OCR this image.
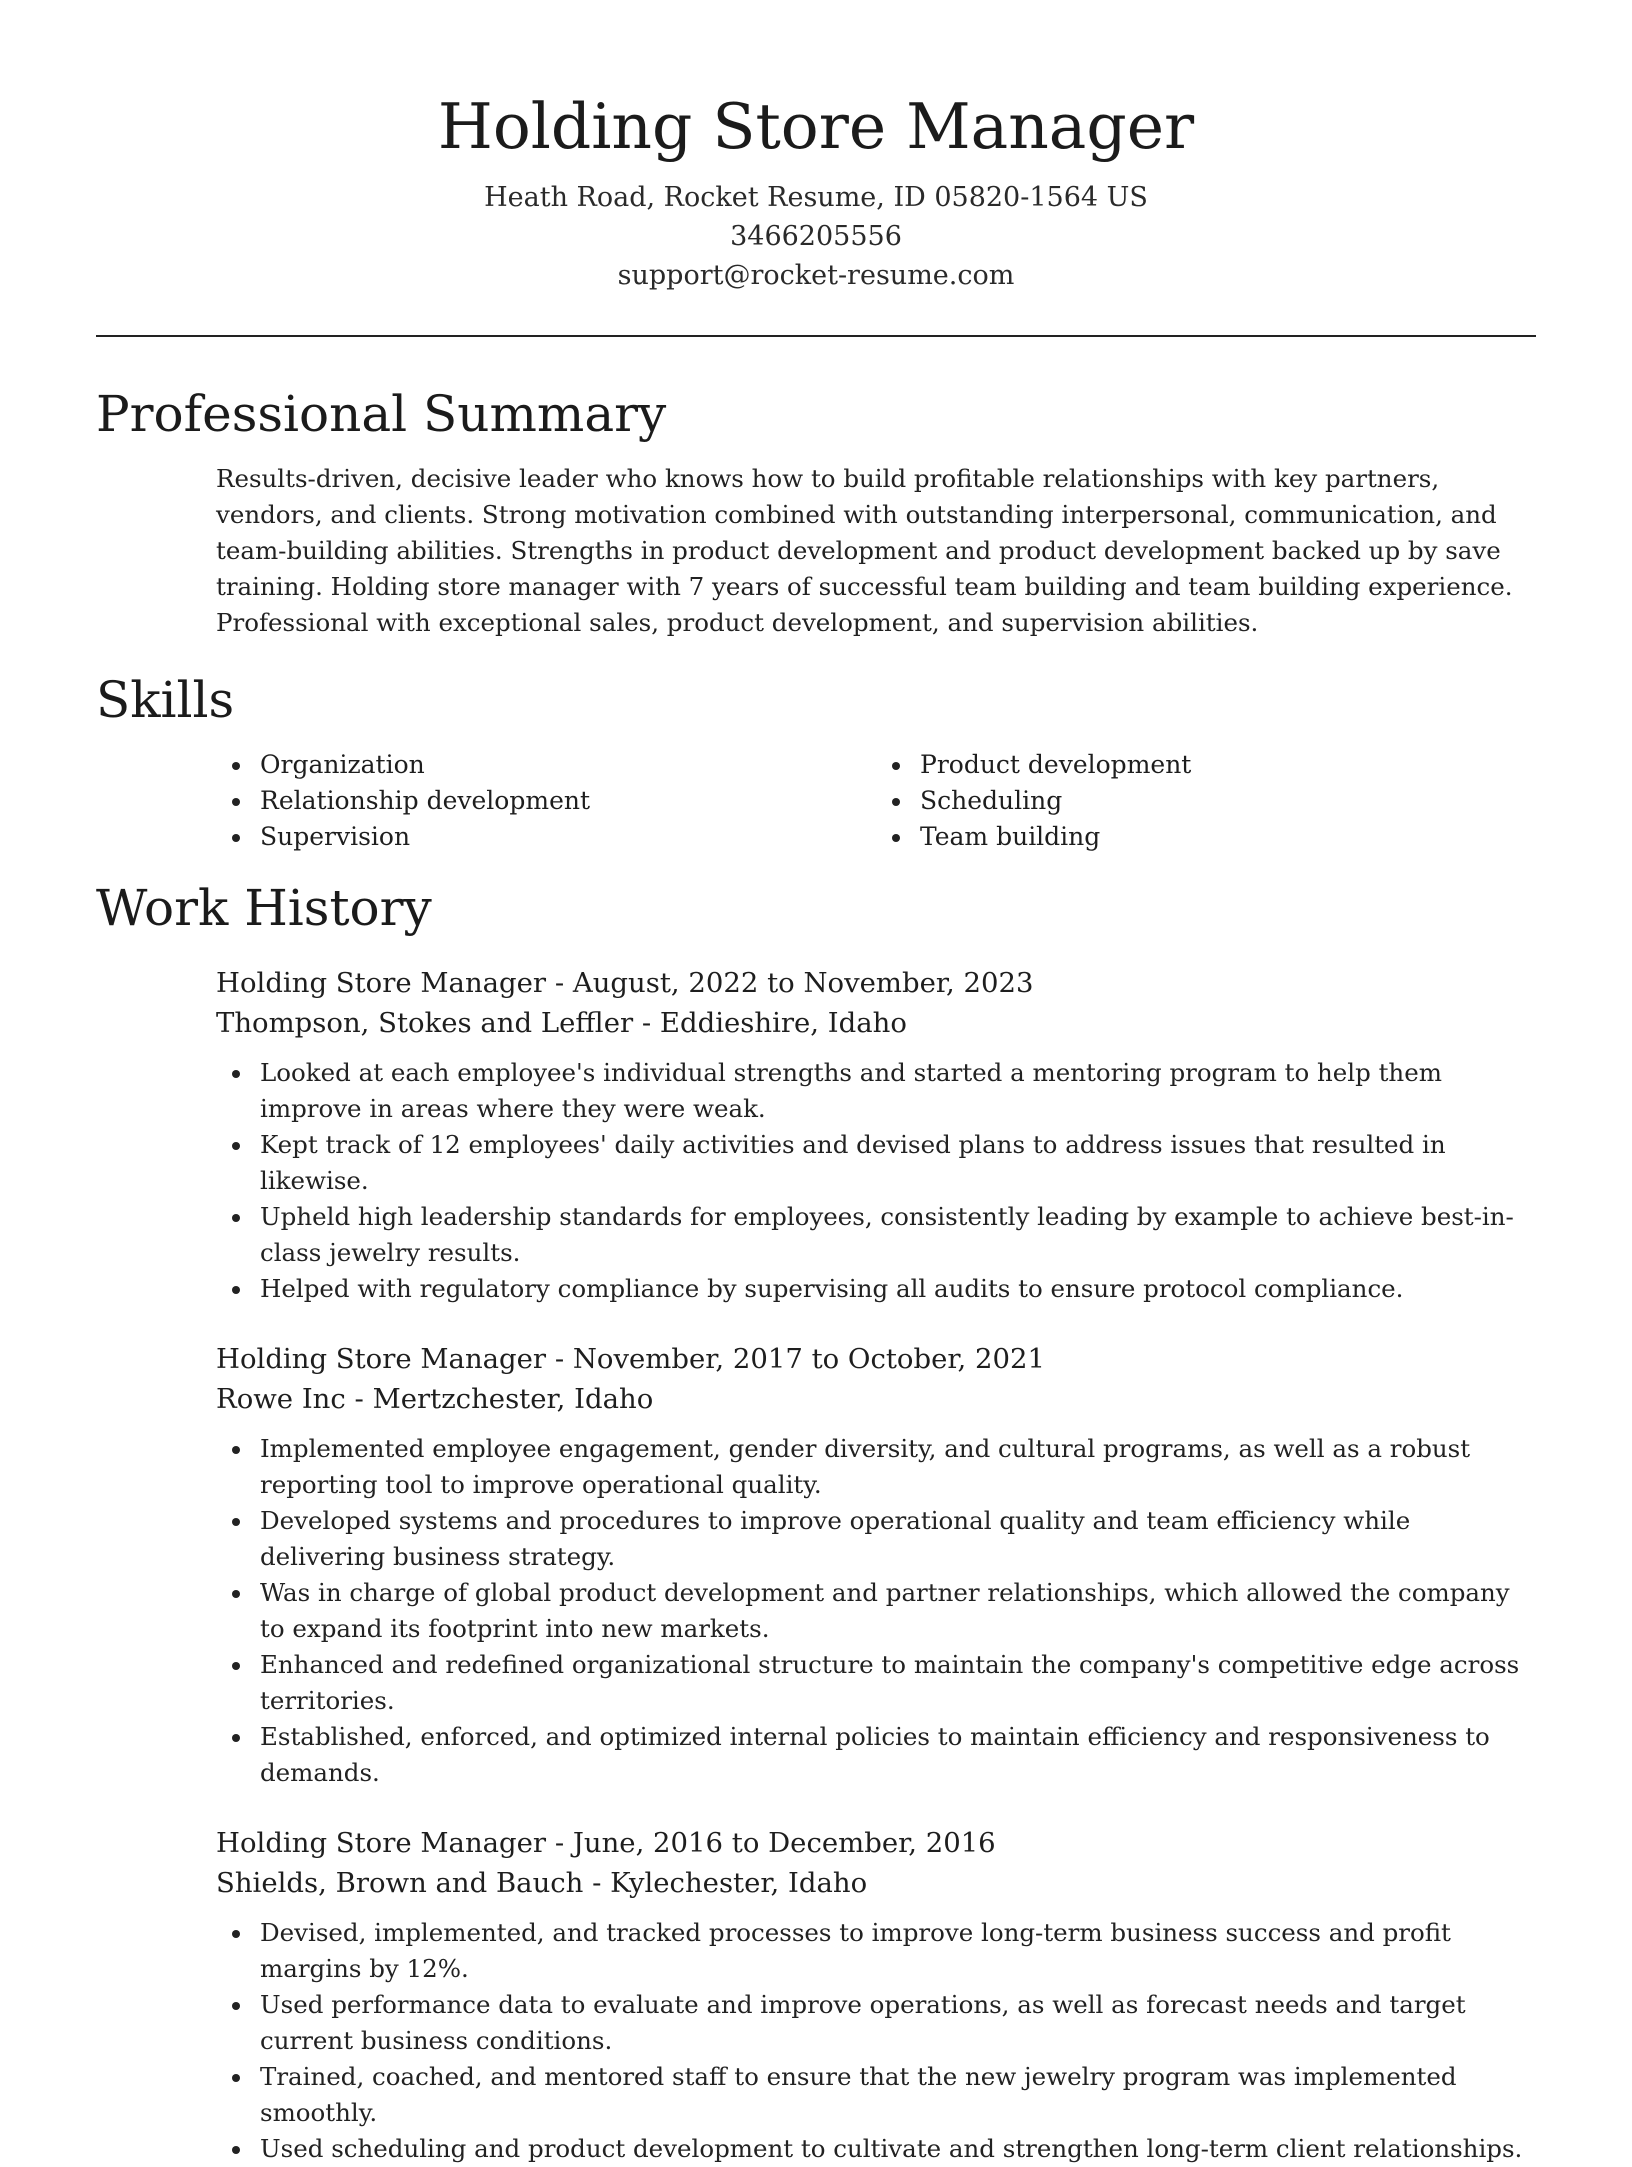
Holding Store Manager
Heath Road, Rocket Resume, ID 05820-1564 US
3466205556
support@rocket-resume.com
Professional Summary

Results-driven, decisive leader who knows how to build profitable relationships with key partners, vendors, and clients. Strong motivation combined with outstanding interpersonal, communication, and team-building abilities. Strengths in product development and product development backed up by save training. Holding store manager with 7 years of successful team building and team building experience. Professional with exceptional sales, product development, and supervision abilities.

Skills
Organization
Relationship development
Supervision
Product development
Scheduling
Team building
Work History
Holding Store Manager - August, 2022 to November, 2023
Thompson, Stokes and Leffler - Eddieshire, Idaho
Looked at each employee's individual strengths and started a mentoring program to help them improve in areas where they were weak.
Kept track of 12 employees' daily activities and devised plans to address issues that resulted in likewise.
Upheld high leadership standards for employees, consistently leading by example to achieve best-in-class jewelry results.
Helped with regulatory compliance by supervising all audits to ensure protocol compliance.
Holding Store Manager - November, 2017 to October, 2021
Rowe Inc - Mertzchester, Idaho
Implemented employee engagement, gender diversity, and cultural programs, as well as a robust reporting tool to improve operational quality.
Developed systems and procedures to improve operational quality and team efficiency while delivering business strategy.
Was in charge of global product development and partner relationships, which allowed the company to expand its footprint into new markets.
Enhanced and redefined organizational structure to maintain the company's competitive edge across territories.
Established, enforced, and optimized internal policies to maintain efficiency and responsiveness to demands.
Holding Store Manager - June, 2016 to December, 2016
Shields, Brown and Bauch - Kylechester, Idaho
Devised, implemented, and tracked processes to improve long-term business success and profit margins by 12%.
Used performance data to evaluate and improve operations, as well as forecast needs and target current business conditions.
Trained, coached, and mentored staff to ensure that the new jewelry program was implemented smoothly.
Used scheduling and product development to cultivate and strengthen long-term client relationships.
